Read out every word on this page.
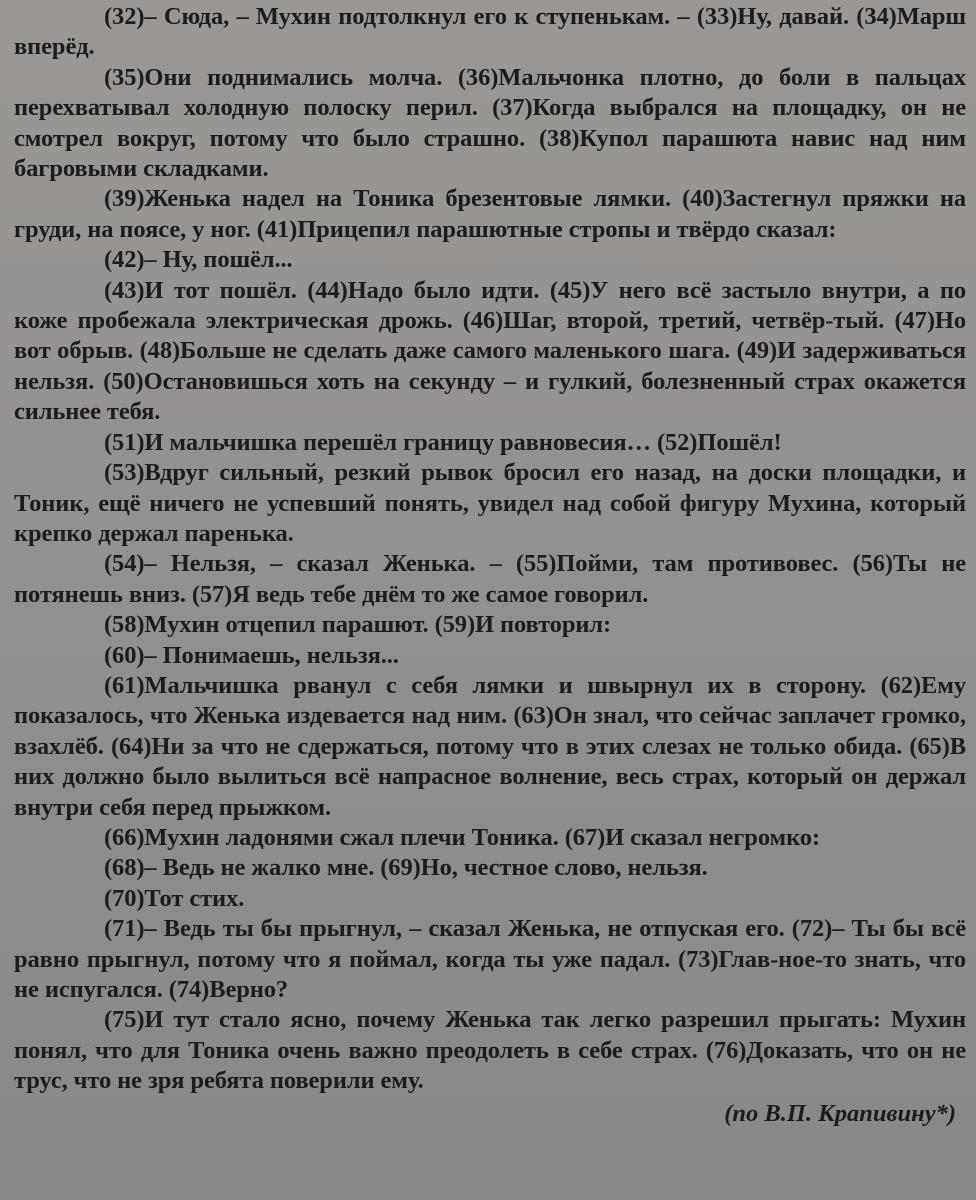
(32)– Сюда, – Мухин подтолкнул его к ступенькам. – (33)Ну, давай. (34)Марш вперёд.

(35)Они поднимались молча. (36)Мальчонка плотно, до боли в пальцах перехватывал холодную полоску перил. (37)Когда выбрался на площадку, он не смотрел вокруг, потому что было страшно. (38)Купол парашюта навис над ним багровыми складками.

(39)Женька надел на Тоника брезентовые лямки. (40)Застегнул пряжки на груди, на поясе, у ног. (41)Прицепил парашютные стропы и твёрдо сказал:

(42)– Ну, пошёл...

(43)И тот пошёл. (44)Надо было идти. (45)У него всё застыло внутри, а по коже пробежала электрическая дрожь. (46)Шаг, второй, третий, четвёр-тый. (47)Но вот обрыв. (48)Больше не сделать даже самого маленького шага. (49)И задерживаться нельзя. (50)Остановишься хоть на секунду – и гулкий, болезненный страх окажется сильнее тебя.

(51)И мальчишка перешёл границу равновесия… (52)Пошёл!

(53)Вдруг сильный, резкий рывок бросил его назад, на доски площадки, и Тоник, ещё ничего не успевший понять, увидел над собой фигуру Мухина, который крепко держал паренька.

(54)– Нельзя, – сказал Женька. – (55)Пойми, там противовес. (56)Ты не потянешь вниз. (57)Я ведь тебе днём то же самое говорил.

(58)Мухин отцепил парашют. (59)И повторил:

(60)– Понимаешь, нельзя...

(61)Мальчишка рванул с себя лямки и швырнул их в сторону. (62)Ему показалось, что Женька издевается над ним. (63)Он знал, что сейчас заплачет громко, взахлёб. (64)Ни за что не сдержаться, потому что в этих слезах не только обида. (65)В них должно было вылиться всё напрасное волнение, весь страх, который он держал внутри себя перед прыжком.

(66)Мухин ладонями сжал плечи Тоника. (67)И сказал негромко:

(68)– Ведь не жалко мне. (69)Но, честное слово, нельзя.

(70)Тот стих.

(71)– Ведь ты бы прыгнул, – сказал Женька, не отпуская его. (72)– Ты бы всё равно прыгнул, потому что я поймал, когда ты уже падал. (73)Глав-ное-то знать, что не испугался. (74)Верно?

(75)И тут стало ясно, почему Женька так легко разрешил прыгать: Мухин понял, что для Тоника очень важно преодолеть в себе страх. (76)Доказать, что он не трус, что не зря ребята поверили ему.

(по В.П. Крапивину*)
